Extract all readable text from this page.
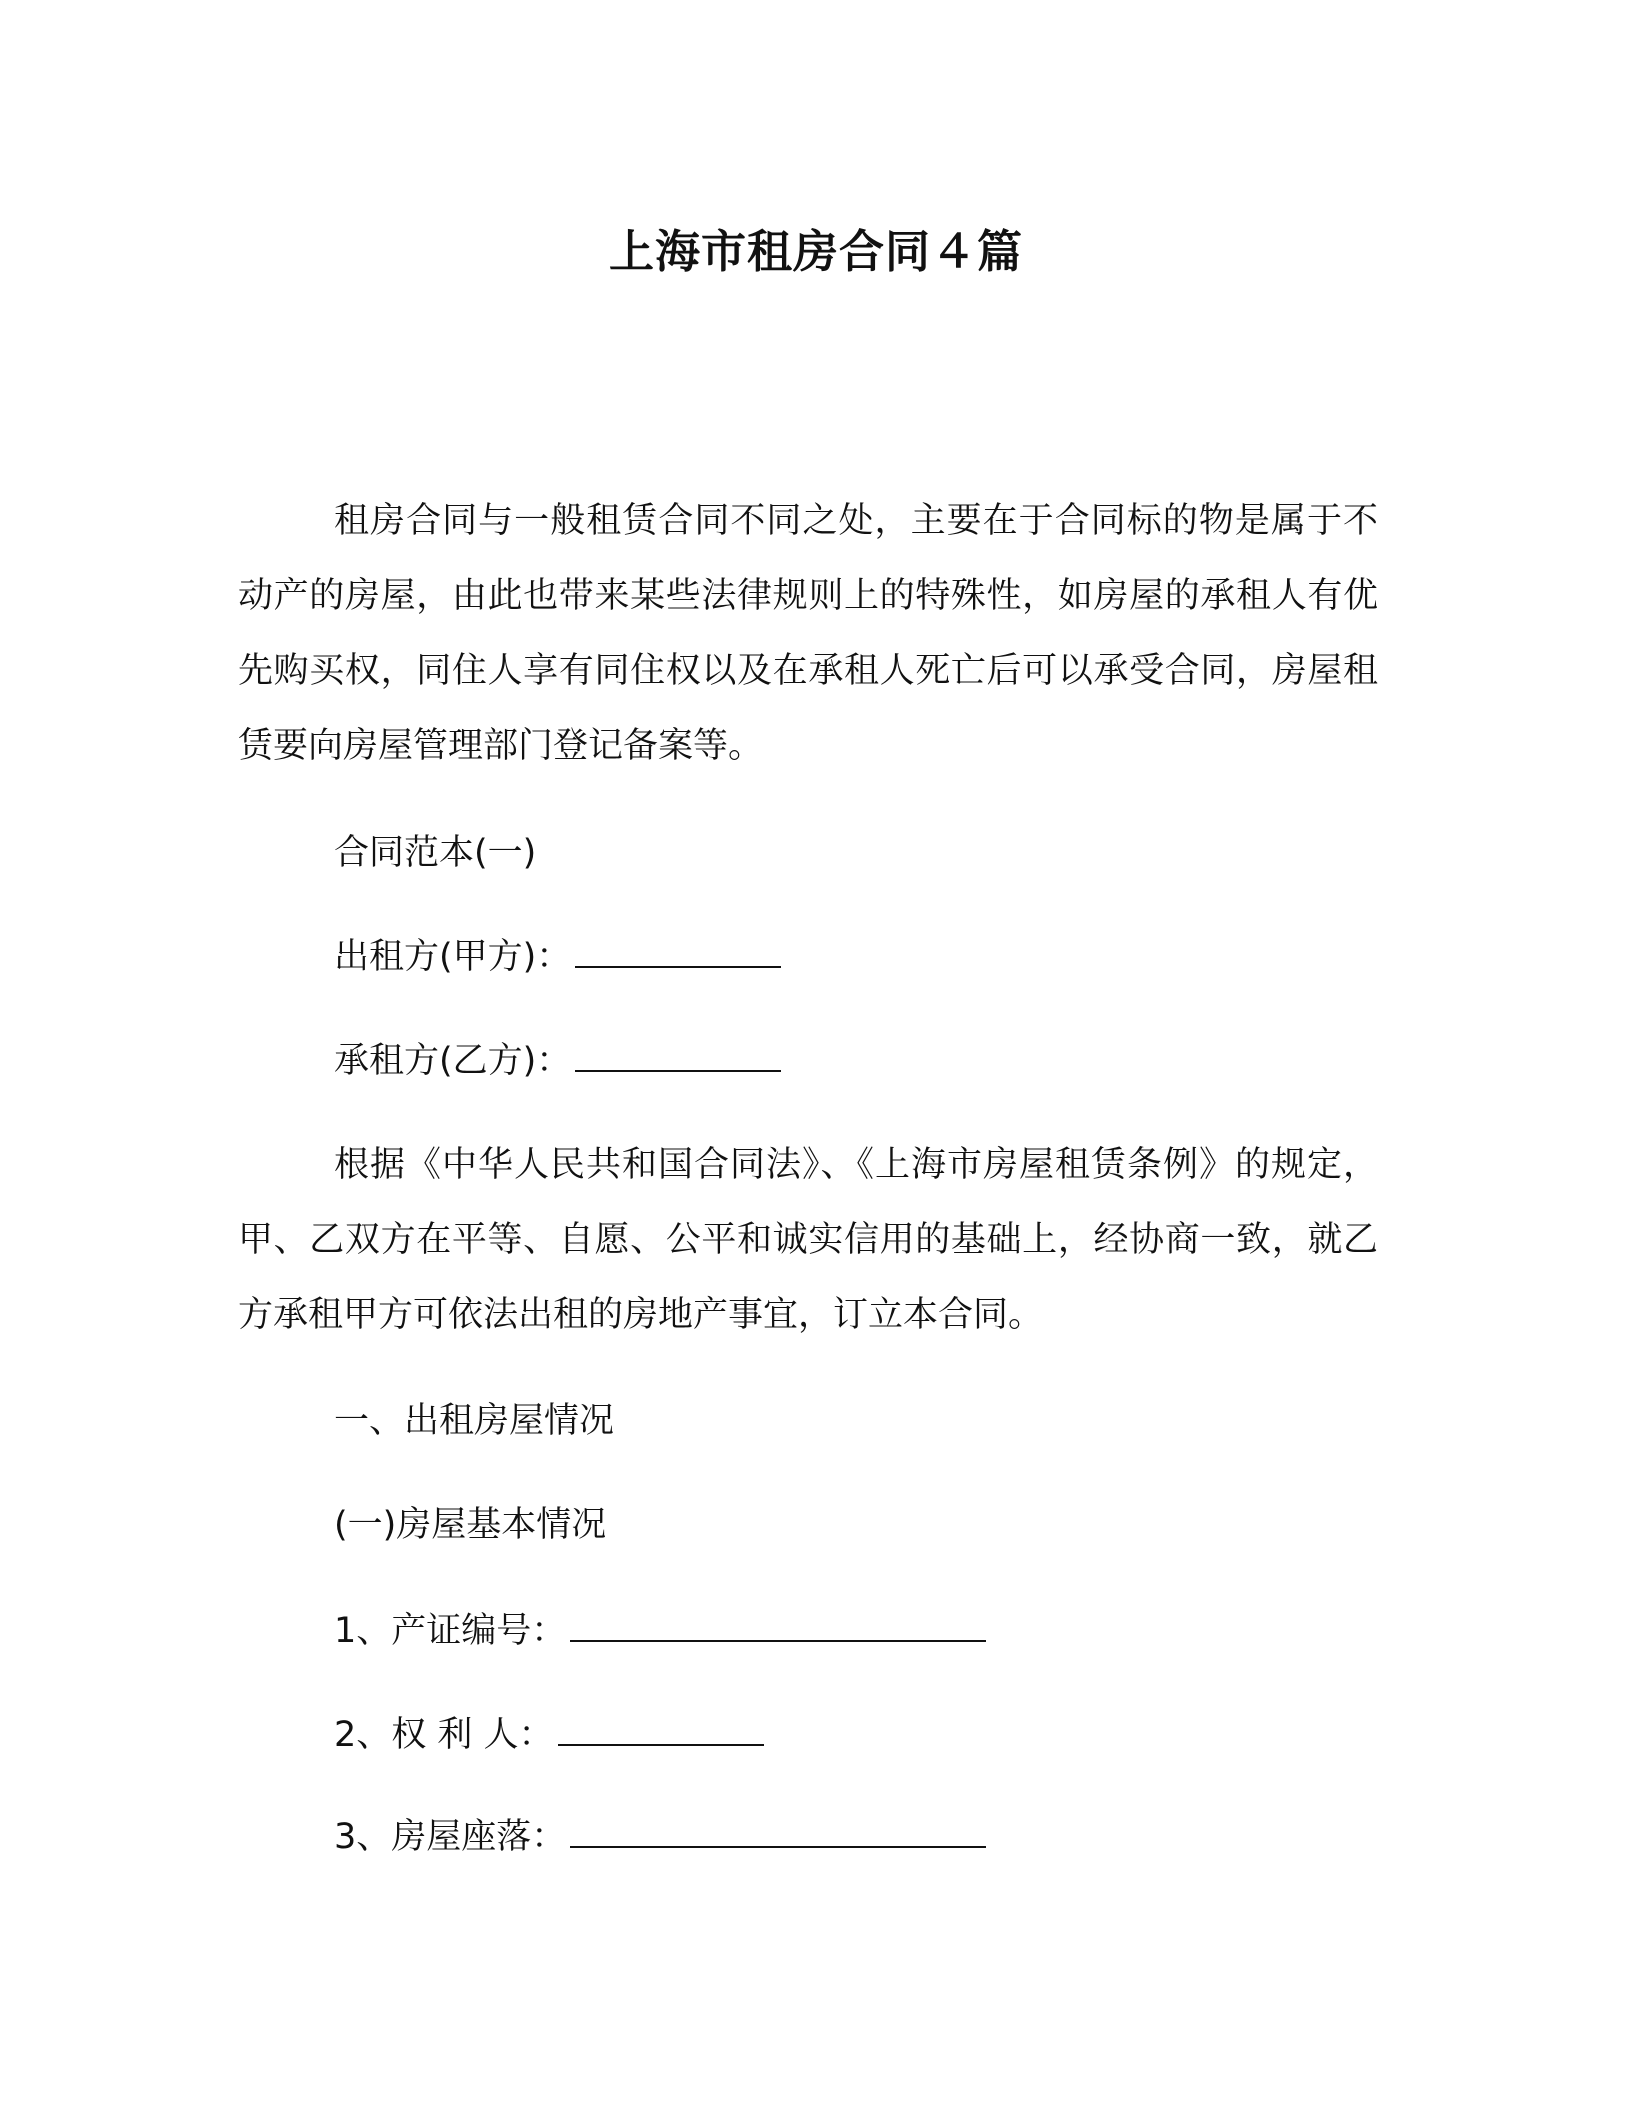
上海市租房合同４篇

租房合同与一般租赁合同不同之处，主要在于合同标的物是属于不动产的房屋，由此也带来某些法律规则上的特殊性，如房屋的承租人有优先购买权，同住人享有同住权以及在承租人死亡后可以承受合同，房屋租赁要向房屋管理部门登记备案等。

合同范本(一)

出租方(甲方)：

承租方(乙方)：

根据《中华人民共和国合同法》、《上海市房屋租赁条例》的规定，甲、乙双方在平等、自愿、公平和诚实信用的基础上，经协商一致，就乙方承租甲方可依法出租的房地产事宜，订立本合同。

一、出租房屋情况

(一)房屋基本情况

1、产证编号：

2、权 利 人：

3、房屋座落：
